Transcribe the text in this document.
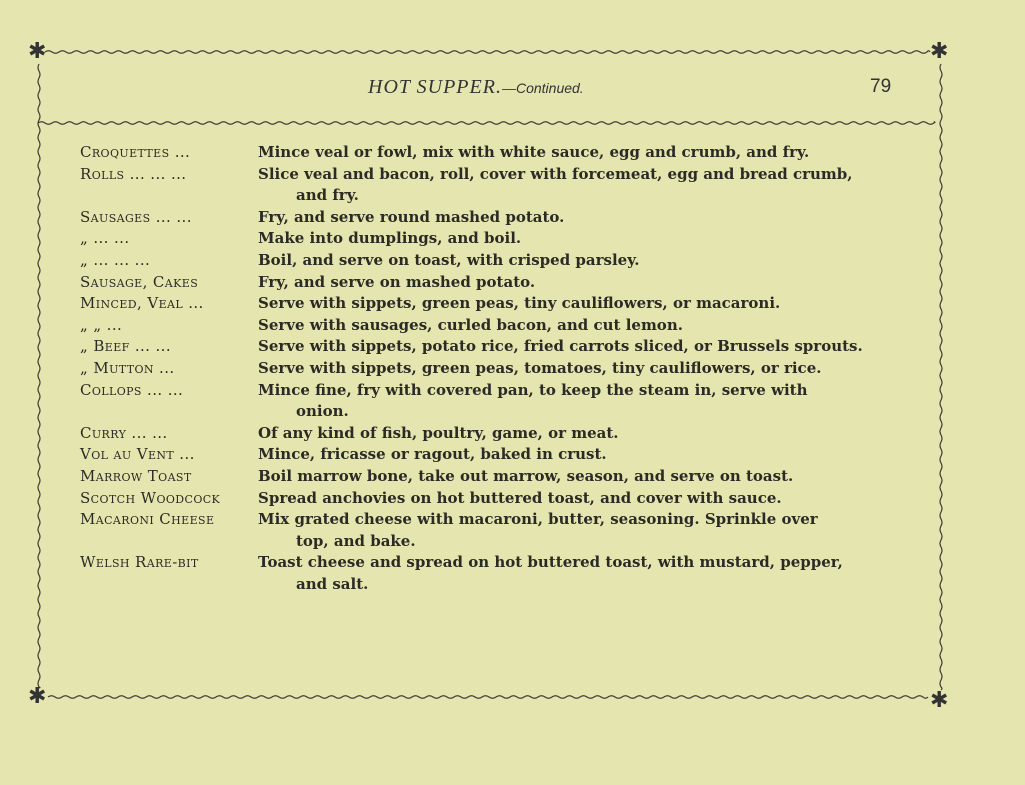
✱	✱
✱	✱
HOT SUPPER.—Continued.	79
Croquettes ...	Mince veal or fowl, mix with white sauce, egg and crumb, and fry.
Rolls ... ... ...	Slice veal and bacon, roll, cover with forcemeat, egg and bread crumb,
and fry.
Sausages ... ...	Fry, and serve round mashed potato.
„ ... ...	Make into dumplings, and boil.
„ ... ... ...	Boil, and serve on toast, with crisped parsley.
Sausage, Cakes	Fry, and serve on mashed potato.
Minced, Veal ...	Serve with sippets, green peas, tiny cauliflowers, or macaroni.
„ „ ...	Serve with sausages, curled bacon, and cut lemon.
„ Beef ... ...	Serve with sippets, potato rice, fried carrots sliced, or Brussels sprouts.
„ Mutton ...	Serve with sippets, green peas, tomatoes, tiny cauliflowers, or rice.
Collops ... ...	Mince fine, fry with covered pan, to keep the steam in, serve with
onion.
Curry ... ...	Of any kind of fish, poultry, game, or meat.
Vol au Vent ...	Mince, fricasse or ragout, baked in crust.
Marrow Toast	Boil marrow bone, take out marrow, season, and serve on toast.
Scotch Woodcock	Spread anchovies on hot buttered toast, and cover with sauce.
Macaroni Cheese	Mix grated cheese with macaroni, butter, seasoning. Sprinkle over
top, and bake.
Welsh Rare-bit	Toast cheese and spread on hot buttered toast, with mustard, pepper,
and salt.
